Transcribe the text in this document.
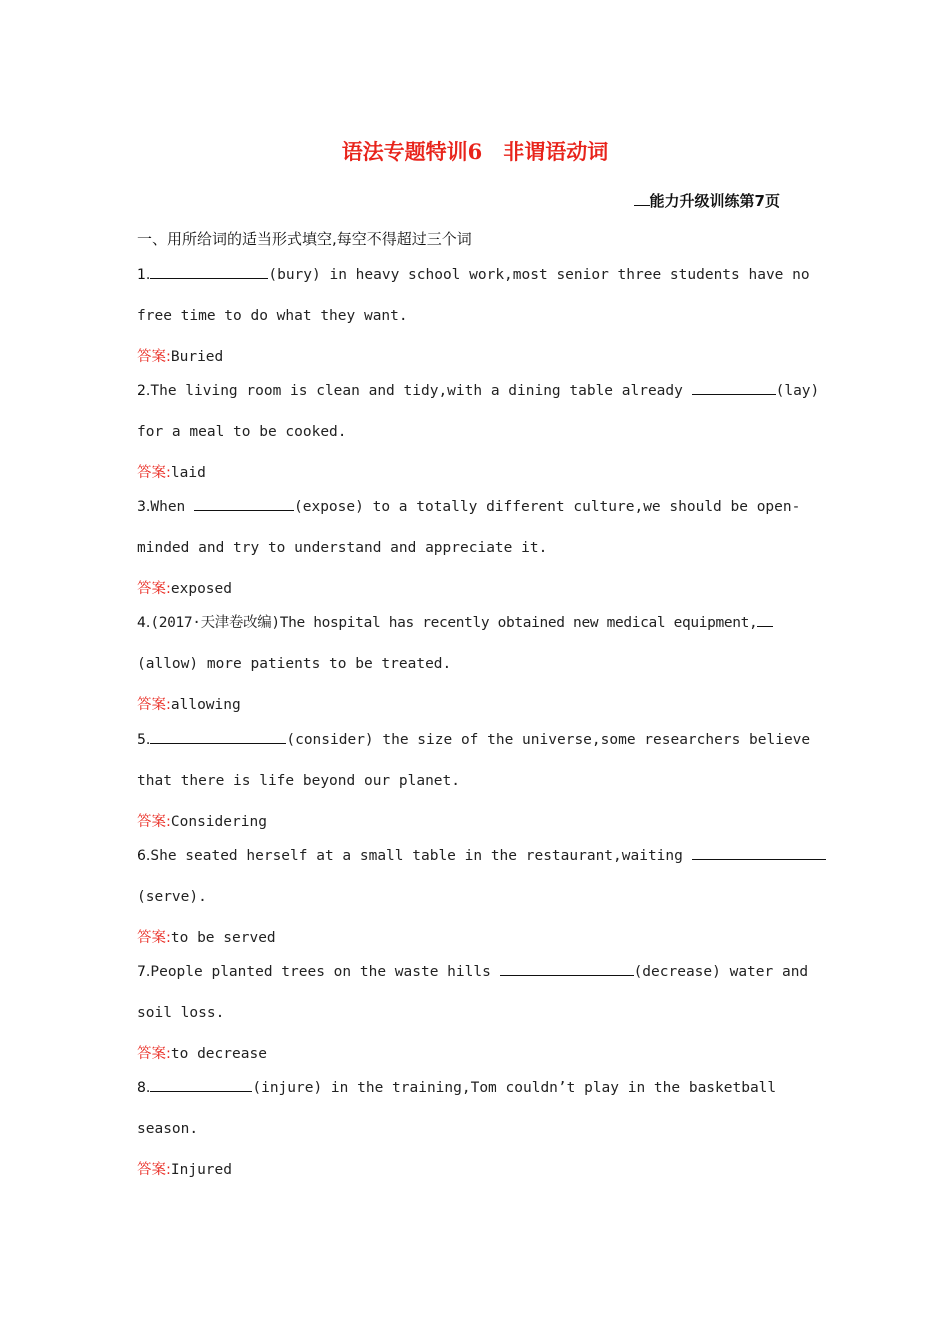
语法专题特训6　非谓语动词
能力升级训练第7页
一、用所给词的适当形式填空,每空不得超过三个词
1.	(bury) in heavy school work,most senior three students have no
free time to do what they want.
答案:Buried
2.The living room is clean and tidy,with a dining table already	(lay)
for a meal to be cooked.
答案:laid
3.When	(expose) to a totally different culture,we should be open-
minded and try to understand and appreciate it.
答案:exposed
4.(2017·天津卷改编)The hospital has recently obtained new medical equipment,
(allow) more patients to be treated.
答案:allowing
5.	(consider) the size of the universe,some researchers believe
that there is life beyond our planet.
答案:Considering
6.She seated herself at a small table in the restaurant,waiting
(serve).
答案:to be served
7.People planted trees on the waste hills	(decrease) water and
soil loss.
答案:to decrease
8.	(injure) in the training,Tom couldn’t play in the basketball
season.
答案:Injured
